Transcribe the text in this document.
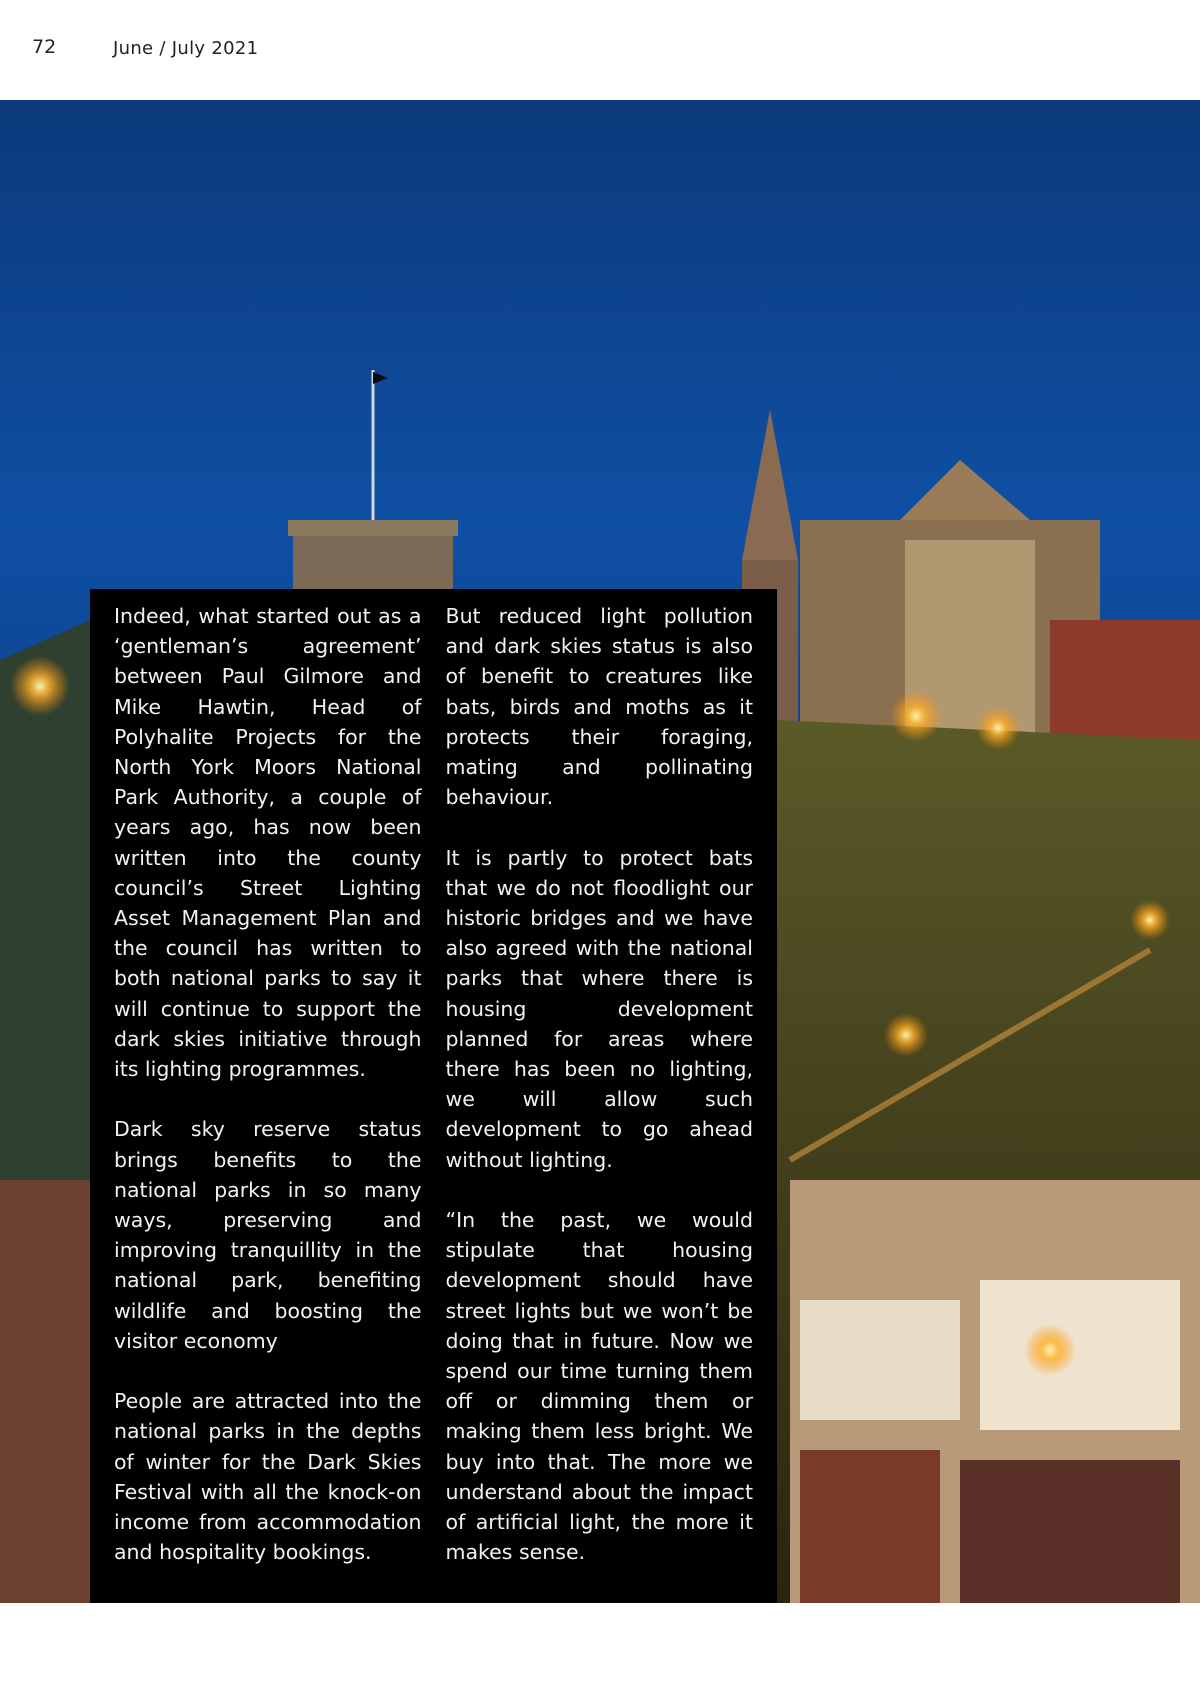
72	June / July 2021

Indeed, what started out as a ‘gentleman’s agreement’ between Paul Gilmore and Mike Hawtin, Head of Polyhalite Projects for the North York Moors National Park Authority, a couple of years ago, has now been written into the county council’s Street Lighting Asset Management Plan and the council has written to both national parks to say it will continue to support the dark skies initiative through its lighting programmes.

Dark sky reserve status brings benefits to the national parks in so many ways, preserving and improving tranquillity in the national park, benefiting wildlife and boosting the visitor economy

People are attracted into the national parks in the depths of winter for the Dark Skies Festival with all the knock-on income from accommodation and hospitality bookings.

But reduced light pollution and dark skies status is also of benefit to creatures like bats, birds and moths as it protects their foraging, mating and pollinating behaviour.

It is partly to protect bats that we do not floodlight our historic bridges and we have also agreed with the national parks that where there is housing development planned for areas where there has been no lighting, we will allow such development to go ahead without lighting.

“In the past, we would stipulate that housing development should have street lights but we won’t be doing that in future. Now we spend our time turning them off or dimming them or making them less bright. We buy into that. The more we understand about the impact of artificial light, the more it makes sense.
